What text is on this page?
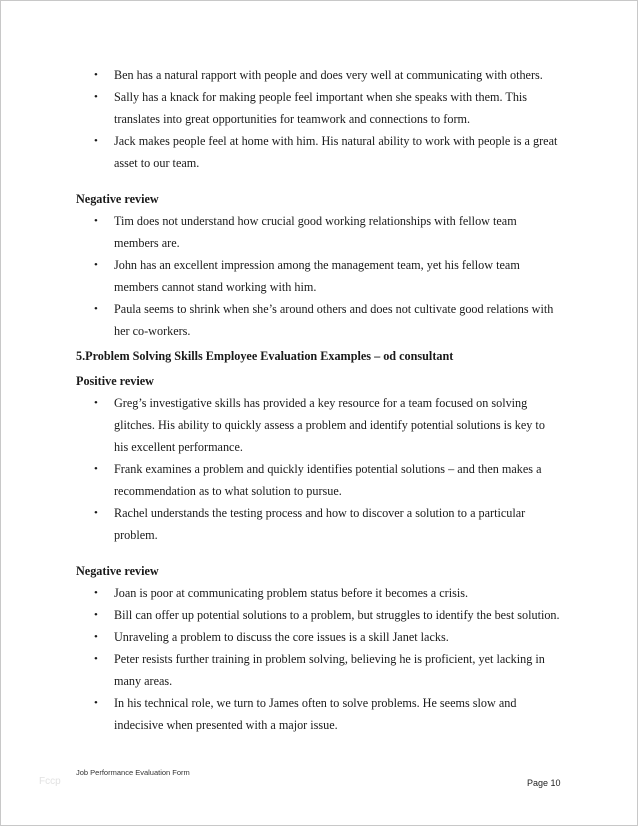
• Ben has a natural rapport with people and does very well at communicating with others.
• Sally has a knack for making people feel important when she speaks with them. This translates into great opportunities for teamwork and connections to form.
• Jack makes people feel at home with him. His natural ability to work with people is a great asset to our team.

Negative review

• Tim does not understand how crucial good working relationships with fellow team members are.
• John has an excellent impression among the management team, yet his fellow team members cannot stand working with him.
• Paula seems to shrink when she’s around others and does not cultivate good relations with her co-workers.

5.Problem Solving Skills Employee Evaluation Examples – od consultant

Positive review

• Greg’s investigative skills has provided a key resource for a team focused on solving glitches. His ability to quickly assess a problem and identify potential solutions is key to his excellent performance.
• Frank examines a problem and quickly identifies potential solutions – and then makes a recommendation as to what solution to pursue.
• Rachel understands the testing process and how to discover a solution to a particular problem.

Negative review

• Joan is poor at communicating problem status before it becomes a crisis.
• Bill can offer up potential solutions to a problem, but struggles to identify the best solution.
• Unraveling a problem to discuss the core issues is a skill Janet lacks.
• Peter resists further training in problem solving, believing he is proficient, yet lacking in many areas.
• In his technical role, we turn to James often to solve problems. He seems slow and indecisive when presented with a major issue.
Fccp
Job Performance Evaluation Form
Page 10
